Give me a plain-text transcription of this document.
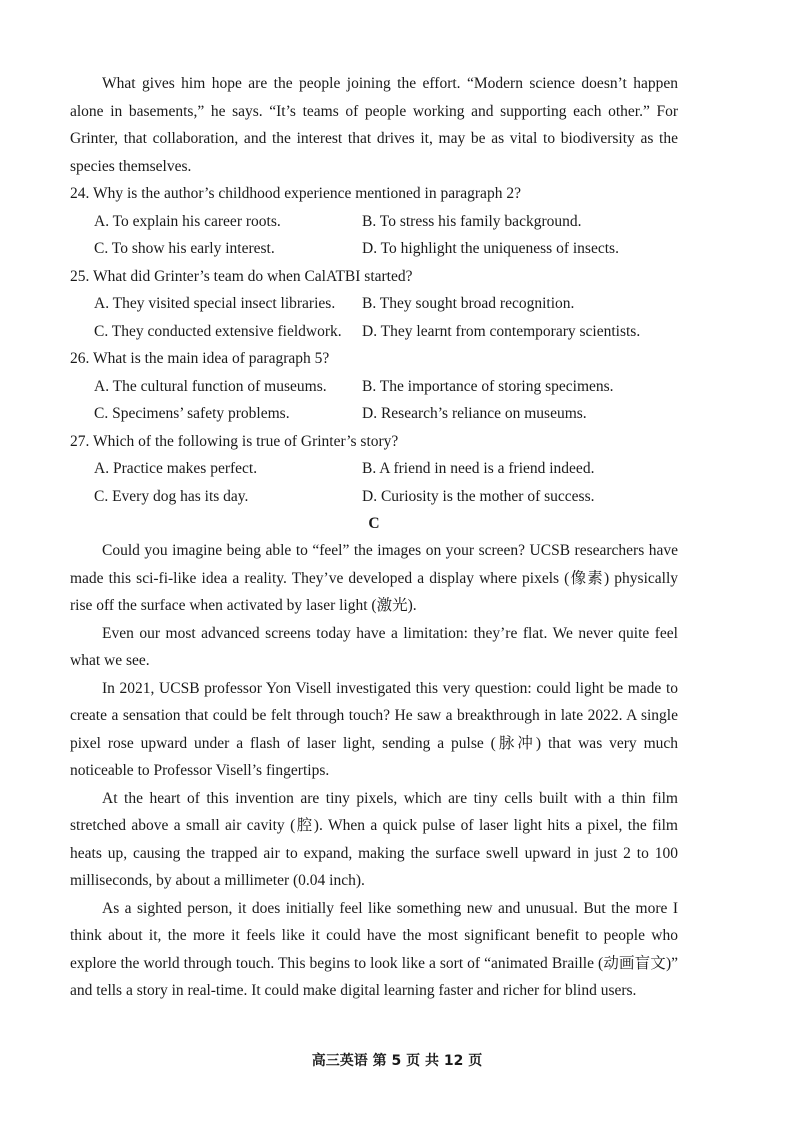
What gives him hope are the people joining the effort. “Modern science doesn’t happen alone in basements,” he says. “It’s teams of people working and supporting each other.” For Grinter, that collaboration, and the interest that drives it, may be as vital to biodiversity as the species themselves.

24. Why is the author’s childhood experience mentioned in paragraph 2?
A. To explain his career roots.	B. To stress his family background.
C. To show his early interest.	D. To highlight the uniqueness of insects.
25. What did Grinter’s team do when CalATBI started?
A. They visited special insect libraries.	B. They sought broad recognition.
C. They conducted extensive fieldwork.	D. They learnt from contemporary scientists.
26. What is the main idea of paragraph 5?
A. The cultural function of museums.	B. The importance of storing specimens.
C. Specimens’ safety problems.	D. Research’s reliance on museums.
27. Which of the following is true of Grinter’s story?
A. Practice makes perfect.	B. A friend in need is a friend indeed.
C. Every dog has its day.	D. Curiosity is the mother of success.
C

Could you imagine being able to “feel” the images on your screen? UCSB researchers have made this sci-fi-like idea a reality. They’ve developed a display where pixels (像素) physically rise off the surface when activated by laser light (激光).

Even our most advanced screens today have a limitation: they’re flat. We never quite feel what we see.

In 2021, UCSB professor Yon Visell investigated this very question: could light be made to create a sensation that could be felt through touch? He saw a breakthrough in late 2022. A single pixel rose upward under a flash of laser light, sending a pulse (脉冲) that was very much noticeable to Professor Visell’s fingertips.

At the heart of this invention are tiny pixels, which are tiny cells built with a thin film stretched above a small air cavity (腔). When a quick pulse of laser light hits a pixel, the film heats up, causing the trapped air to expand, making the surface swell upward in just 2 to 100 milliseconds, by about a millimeter (0.04 inch).

As a sighted person, it does initially feel like something new and unusual. But the more I think about it, the more it feels like it could have the most significant benefit to people who explore the world through touch. This begins to look like a sort of “animated Braille (动画盲文)” and tells a story in real-time. It could make digital learning faster and richer for blind users.

高三英语 第 5 页 共 12 页
